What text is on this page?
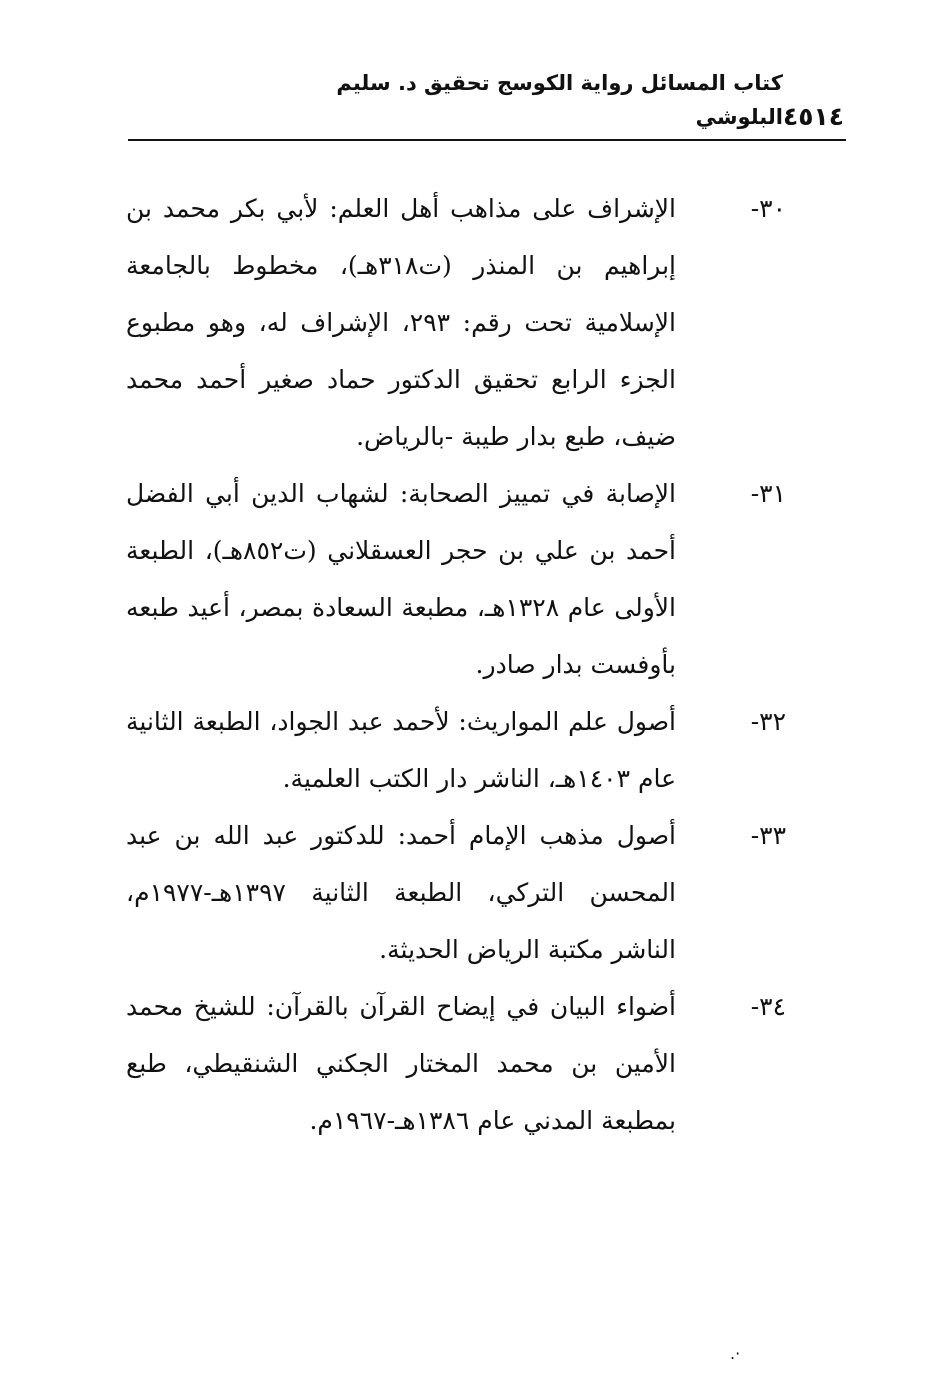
٤٥١٤
كتاب المسائل رواية الكوسج تحقيق د. سليم البلوشي
٣٠-
الإشراف على مذاهب أهل العلم: لأبي بكر محمد بن إبراهيم بن المنذر (ت٣١٨هـ)، مخطوط بالجامعة الإسلامية تحت رقم: ٢٩٣، الإشراف له، وهو مطبوع الجزء الرابع تحقيق الدكتور حماد صغير أحمد محمد ضيف، طبع بدار طيبة -بالرياض.
٣١-
الإصابة في تمييز الصحابة: لشهاب الدين أبي الفضل أحمد بن علي بن حجر العسقلاني (ت٨٥٢هـ)، الطبعة الأولى عام ١٣٢٨هـ، مطبعة السعادة بمصر، أعيد طبعه بأوفست بدار صادر.
٣٢-
أصول علم المواريث: لأحمد عبد الجواد، الطبعة الثانية عام ١٤٠٣هـ، الناشر دار الكتب العلمية.
٣٣-
أصول مذهب الإمام أحمد: للدكتور عبد الله بن عبد المحسن التركي، الطبعة الثانية ١٣٩٧هـ-١٩٧٧م، الناشر مكتبة الرياض الحديثة.
٣٤-
أضواء البيان في إيضاح القرآن بالقرآن: للشيخ محمد الأمين بن محمد المختار الجكني الشنقيطي، طبع بمطبعة المدني عام ١٣٨٦هـ-١٩٦٧م.
·.
